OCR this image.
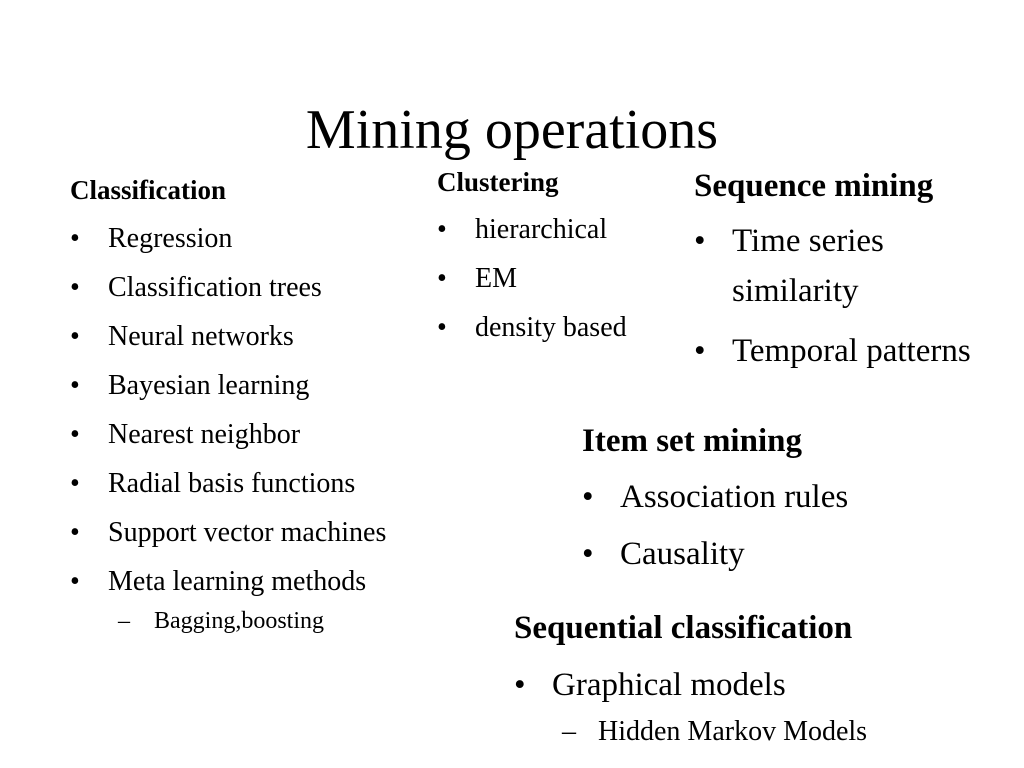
Mining operations
Classification
• Regression
• Classification trees
• Neural networks
• Bayesian learning
• Nearest neighbor
• Radial basis functions
• Support vector machines
• Meta learning methods
– Bagging,boosting
Clustering
• hierarchical
• EM
• density based
Sequence mining
• Time series similarity
• Temporal patterns
Item set mining
• Association rules
• Causality
Sequential classification
• Graphical models
– Hidden Markov Models
